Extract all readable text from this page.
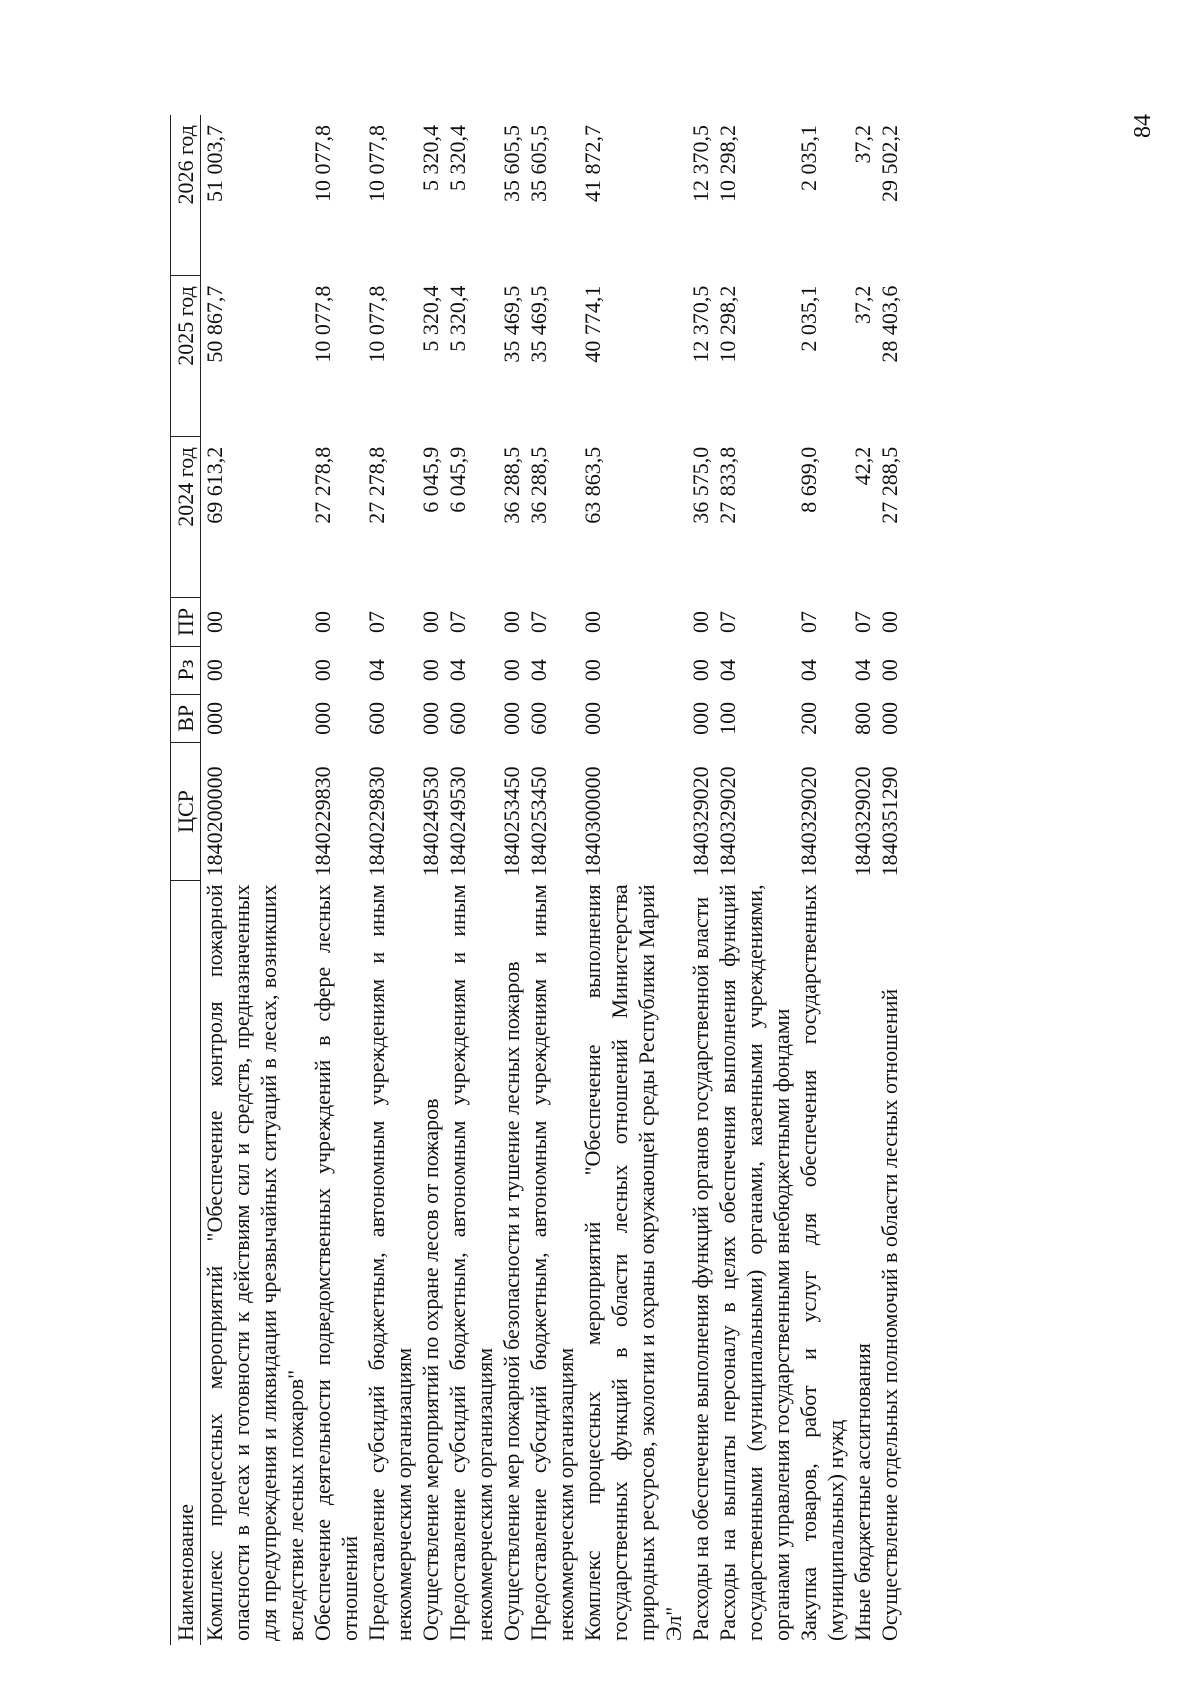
84
Наименование	ЦСР	ВР	Рз	ПР	2024 год	2025 год	2026 год
Комплекс процессных мероприятий "Обеспечение контроля пожарной опасности в лесах и готовности к действиям сил и средств, предназначенных для предупреждения и ликвидации чрезвычайных ситуаций в лесах, возникших вследствие лесных пожаров"	1840200000	000	00	00	69 613,2	50 867,7	51 003,7
Обеспечение деятельности подведомственных учреждений в сфере лесных отношений	1840229830	000	00	00	27 278,8	10 077,8	10 077,8
Предоставление субсидий бюджетным, автономным учреждениям и иным некоммерческим организациям	1840229830	600	04	07	27 278,8	10 077,8	10 077,8
Осуществление мероприятий по охране лесов от пожаров	1840249530	000	00	00	6 045,9	5 320,4	5 320,4
Предоставление субсидий бюджетным, автономным учреждениям и иным некоммерческим организациям	1840249530	600	04	07	6 045,9	5 320,4	5 320,4
Осуществление мер пожарной безопасности и тушение лесных пожаров	1840253450	000	00	00	36 288,5	35 469,5	35 605,5
Предоставление субсидий бюджетным, автономным учреждениям и иным некоммерческим организациям	1840253450	600	04	07	36 288,5	35 469,5	35 605,5
Комплекс процессных мероприятий "Обеспечение выполнения государственных функций в области лесных отношений Министерства природных ресурсов, экологии и охраны окружающей среды Республики Марий Эл"	1840300000	000	00	00	63 863,5	40 774,1	41 872,7
Расходы на обеспечение выполнения функций органов государственной власти	1840329020	000	00	00	36 575,0	12 370,5	12 370,5
Расходы на выплаты персоналу в целях обеспечения выполнения функций государственными (муниципальными) органами, казенными учреждениями, органами управления государственными внебюджетными фондами	1840329020	100	04	07	27 833,8	10 298,2	10 298,2
Закупка товаров, работ и услуг для обеспечения государственных (муниципальных) нужд	1840329020	200	04	07	8 699,0	2 035,1	2 035,1
Иные бюджетные ассигнования	1840329020	800	04	07	42,2	37,2	37,2
Осуществление отдельных полномочий в области лесных отношений	1840351290	000	00	00	27 288,5	28 403,6	29 502,2
